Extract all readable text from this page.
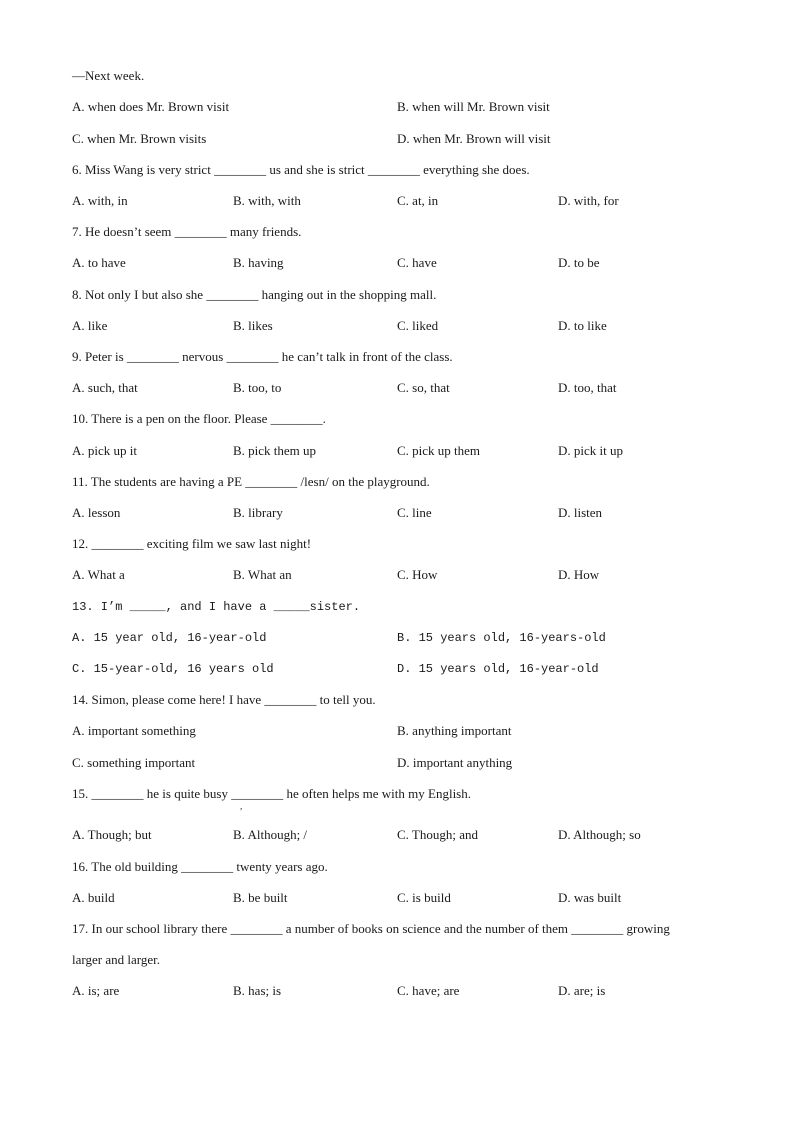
—Next week.
A. when does Mr. Brown visit	B. when will Mr. Brown visit
C. when Mr. Brown visits	D. when Mr. Brown will visit
6. Miss Wang is very strict ________ us and she is strict ________ everything she does.
A. with, in	B. with, with	C. at, in	D. with, for
7. He doesn’t seem ________ many friends.
A. to have	B. having	C. have	D. to be
8. Not only I but also she ________ hanging out in the shopping mall.
A. like	B. likes	C. liked	D. to like
9. Peter is ________ nervous ________ he can’t talk in front of the class.
A. such, that	B. too, to	C. so, that	D. too, that
10. There is a pen on the floor. Please ________.
A. pick up it	B. pick them up	C. pick up them	D. pick it up
11. The students are having a PE ________ /lesn/ on the playground.
A. lesson	B. library	C. line	D. listen
12. ________ exciting film we saw last night!
A. What a	B. What an	C. How	D. How
13. I’m _____, and I have a _____sister.
A. 15 year old, 16-year-old	B. 15 years old, 16-years-old
C. 15-year-old, 16 years old	D. 15 years old, 16-year-old
14. Simon, please come here! I have ________ to tell you.
A. important something	B. anything important
C. something important	D. important anything
15. ________ he is quite busy ________ he often helps me with my English.
,
A. Though; but	B. Although; /	C. Though; and	D. Although; so
16. The old building ________ twenty years ago.
A. build	B. be built	C. is build	D. was built
17. In our school library there ________ a number of books on science and the number of them ________ growing
larger and larger.
A. is; are	B. has; is	C. have; are	D. are; is
